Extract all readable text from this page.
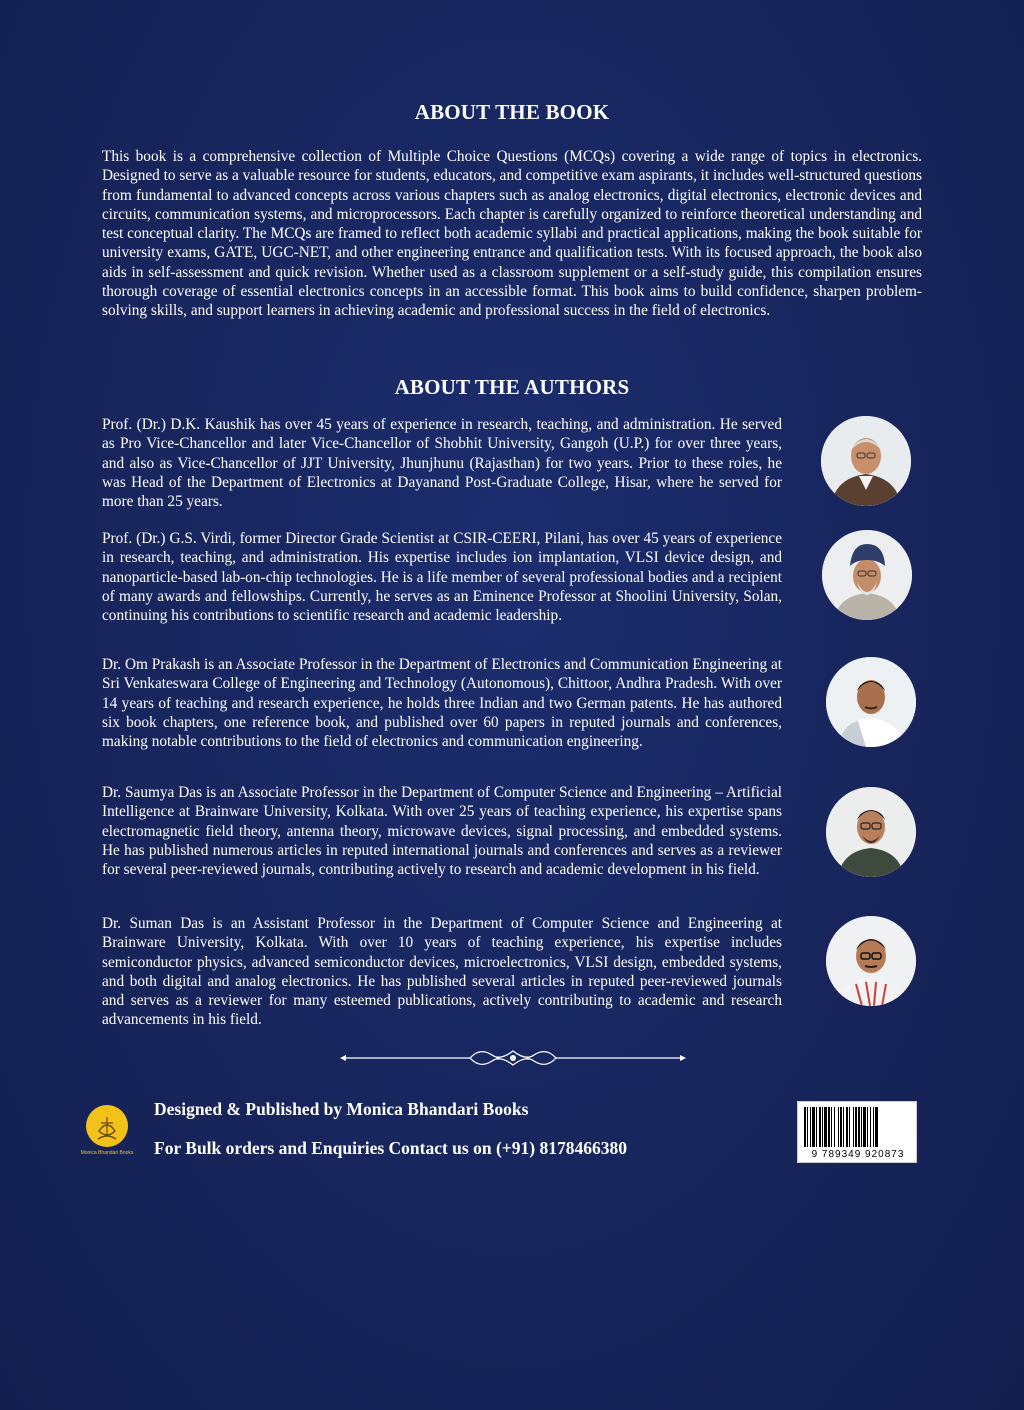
ABOUT THE BOOK
This book is a comprehensive collection of Multiple Choice Questions (MCQs) covering a wide range of topics in electronics. Designed to serve as a valuable resource for students, educators, and competitive exam aspirants, it includes well-structured questions from fundamental to advanced concepts across various chapters such as analog electronics, digital electronics, electronic devices and circuits, communication systems, and microprocessors. Each chapter is carefully organized to reinforce theoretical understanding and test conceptual clarity. The MCQs are framed to reflect both academic syllabi and practical applications, making the book suitable for university exams, GATE, UGC-NET, and other engineering entrance and qualification tests. With its focused approach, the book also aids in self-assessment and quick revision. Whether used as a classroom supplement or a self-study guide, this compilation ensures thorough coverage of essential electronics concepts in an accessible format. This book aims to build confidence, sharpen problem-solving skills, and support learners in achieving academic and professional success in the field of electronics.
ABOUT THE AUTHORS
Prof. (Dr.) D.K. Kaushik has over 45 years of experience in research, teaching, and administration. He served as Pro Vice-Chancellor and later Vice-Chancellor of Shobhit University, Gangoh (U.P.) for over three years, and also as Vice-Chancellor of JJT University, Jhunjhunu (Rajasthan) for two years. Prior to these roles, he was Head of the Department of Electronics at Dayanand Post-Graduate College, Hisar, where he served for more than 25 years.
Prof. (Dr.) G.S. Virdi, former Director Grade Scientist at CSIR-CEERI, Pilani, has over 45 years of experience in research, teaching, and administration. His expertise includes ion implantation, VLSI device design, and nanoparticle-based lab-on-chip technologies. He is a life member of several professional bodies and a recipient of many awards and fellowships. Currently, he serves as an Eminence Professor at Shoolini University, Solan, continuing his contributions to scientific research and academic leadership.
Dr. Om Prakash is an Associate Professor in the Department of Electronics and Communication Engineering at Sri Venkateswara College of Engineering and Technology (Autonomous), Chittoor, Andhra Pradesh. With over 14 years of teaching and research experience, he holds three Indian and two German patents. He has authored six book chapters, one reference book, and published over 60 papers in reputed journals and conferences, making notable contributions to the field of electronics and communication engineering.
Dr. Saumya Das is an Associate Professor in the Department of Computer Science and Engineering – Artificial Intelligence at Brainware University, Kolkata. With over 25 years of teaching experience, his expertise spans electromagnetic field theory, antenna theory, microwave devices, signal processing, and embedded systems. He has published numerous articles in reputed international journals and conferences and serves as a reviewer for several peer-reviewed journals, contributing actively to research and academic development in his field.
Dr. Suman Das is an Assistant Professor in the Department of Computer Science and Engineering at Brainware University, Kolkata. With over 10 years of teaching experience, his expertise includes semiconductor physics, advanced semiconductor devices, microelectronics, VLSI design, embedded systems, and both digital and analog electronics. He has published several articles in reputed peer-reviewed journals and serves as a reviewer for many esteemed publications, actively contributing to academic and research advancements in his field.
Monica Bhandari Books
Designed & Published by Monica Bhandari Books
For Bulk orders and Enquiries Contact us on (+91) 8178466380	9 789349 920873
